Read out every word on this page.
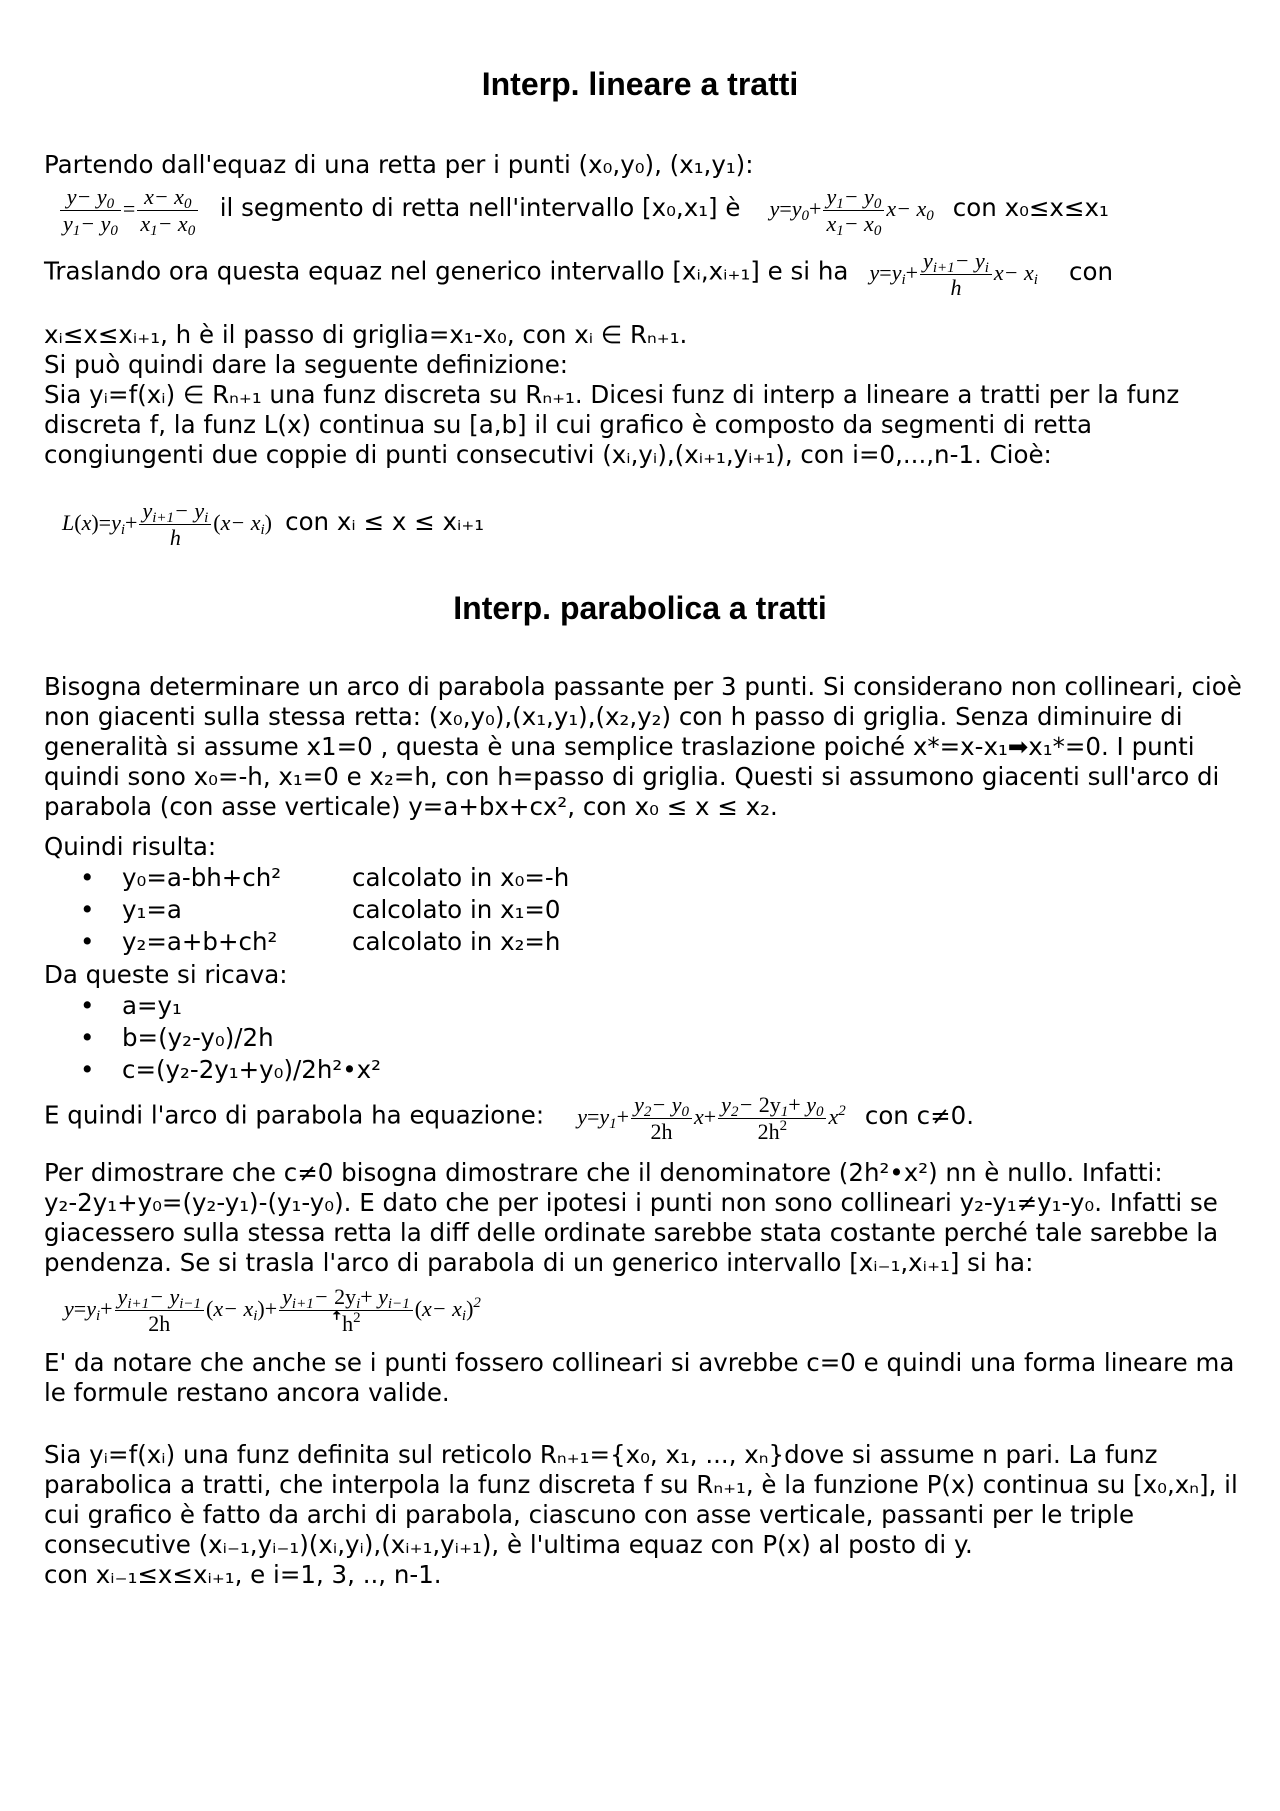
Interp. lineare a tratti

Partendo dall'equaz di una retta per i punti (x₀,y₀), (x₁,y₁):

$\frac{y- y_0}{y_1- y_0} = \frac{x- x_0}{x_1- x_0}$ il segmento di retta nell'intervallo [x₀,x₁] è $y=y_0+ \frac{y_1- y_0}{x_1- x_0} x- x_0$ con x₀≤x≤x₁
Traslando ora questa equaz nel generico intervallo [xᵢ,xᵢ₊₁] e si ha $y=y_i+ \frac{y_{i+1}- y_i}{h} x- x_i$ con

xᵢ≤x≤xᵢ₊₁, h è il passo di griglia=x₁-x₀, con xᵢ ∈ Rₙ₊₁.

Si può quindi dare la seguente definizione:

Sia yᵢ=f(xᵢ) ∈ Rₙ₊₁ una funz discreta su Rₙ₊₁. Dicesi funz di interp a lineare a tratti per la funz discreta f, la funz L(x) continua su [a,b] il cui grafico è composto da segmenti di retta congiungenti due coppie di punti consecutivi (xᵢ,yᵢ),(xᵢ₊₁,yᵢ₊₁), con i=0,...,n-1. Cioè:

$L(x)=y_i+ \frac{y_{i+1}- y_i}{h} (x- x_i)$ con xᵢ ≤ x ≤ xᵢ₊₁
Interp. parabolica a tratti

Bisogna determinare un arco di parabola passante per 3 punti. Si considerano non collineari, cioè non giacenti sulla stessa retta: (x₀,y₀),(x₁,y₁),(x₂,y₂) con h passo di griglia. Senza diminuire di generalità si assume x1=0 , questa è una semplice traslazione poiché x*=x-x₁➡x₁*=0. I punti quindi sono x₀=-h, x₁=0 e x₂=h, con h=passo di griglia. Questi si assumono giacenti sull'arco di parabola (con asse verticale) y=a+bx+cx², con x₀ ≤ x ≤ x₂.

Quindi risulta:

• y₀=a-bh+ch²	calcolato in x₀=-h
• y₁=a	calcolato in x₁=0
• y₂=a+b+ch²	calcolato in x₂=h

Da queste si ricava:

• a=y₁
• b=(y₂-y₀)/2h
• c=(y₂-2y₁+y₀)/2h²•x²
E quindi l'arco di parabola ha equazione: $y=y_1+ \frac{y_2- y_0}{2h} x+ \frac{y_2- 2y_1+ y_0}{2h^2} x^2$ con c≠0.

Per dimostrare che c≠0 bisogna dimostrare che il denominatore (2h²•x²) nn è nullo. Infatti: y₂-2y₁+y₀=(y₂-y₁)-(y₁-y₀). E dato che per ipotesi i punti non sono collineari y₂-y₁≠y₁-y₀. Infatti se giacessero sulla stessa retta la diff delle ordinate sarebbe stata costante perché tale sarebbe la pendenza. Se si trasla l'arco di parabola di un generico intervallo [xᵢ₋₁,xᵢ₊₁] si ha:

$y=y_i+ \frac{y_{i+1}- y_{i-1}}{2h} (x- x_i)+ \frac{y_{i+1}- 2y_i+ y_{i-1}}{ꜛh^2} (x- x_i)^2$

E' da notare che anche se i punti fossero collineari si avrebbe c=0 e quindi una forma lineare ma le formule restano ancora valide.

Sia yᵢ=f(xᵢ) una funz definita sul reticolo Rₙ₊₁={x₀, x₁, ..., xₙ}dove si assume n pari. La funz parabolica a tratti, che interpola la funz discreta f su Rₙ₊₁, è la funzione P(x) continua su [x₀,xₙ], il cui grafico è fatto da archi di parabola, ciascuno con asse verticale, passanti per le triple consecutive (xᵢ₋₁,yᵢ₋₁)(xᵢ,yᵢ),(xᵢ₊₁,yᵢ₊₁), è l'ultima equaz con P(x) al posto di y.

con xᵢ₋₁≤x≤xᵢ₊₁, e i=1, 3, .., n-1.
